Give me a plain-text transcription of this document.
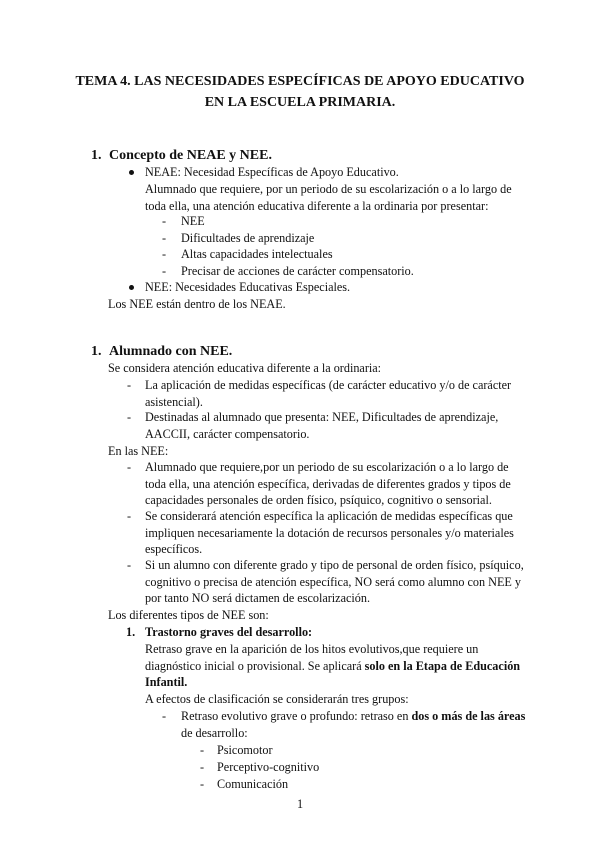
TEMA 4. LAS NECESIDADES ESPECÍFICAS DE APOYO EDUCATIVO
EN LA ESCUELA PRIMARIA.
1. Concepto de NEAE y NEE.
NEAE: Necesidad Específicas de Apoyo Educativo.
Alumnado que requiere, por un periodo de su escolarización o a lo largo de
toda ella, una atención educativa diferente a la ordinaria por presentar:
- NEE
- Dificultades de aprendizaje
- Altas capacidades intelectuales
- Precisar de acciones de carácter compensatorio.
NEE: Necesidades Educativas Especiales.
Los NEE están dentro de los NEAE.
1. Alumnado con NEE.
Se considera atención educativa diferente a la ordinaria:
- La aplicación de medidas específicas (de carácter educativo y/o de carácter
asistencial).
- Destinadas al alumnado que presenta: NEE, Dificultades de aprendizaje,
AACCII, carácter compensatorio.
En las NEE:
- Alumnado que requiere,por un periodo de su escolarización o a lo largo de
toda ella, una atención específica, derivadas de diferentes grados y tipos de
capacidades personales de orden físico, psíquico, cognitivo o sensorial.
- Se considerará atención específica la aplicación de medidas específicas que
impliquen necesariamente la dotación de recursos personales y/o materiales
específicos.
- Si un alumno con diferente grado y tipo de personal de orden físico, psíquico,
cognitivo o precisa de atención específica, NO será como alumno con NEE y
por tanto NO será dictamen de escolarización.
Los diferentes tipos de NEE son:
1. Trastorno graves del desarrollo:
Retraso grave en la aparición de los hitos evolutivos,que requiere un
diagnóstico inicial o provisional. Se aplicará solo en la Etapa de Educación
Infantil.
A efectos de clasificación se considerarán tres grupos:
- Retraso evolutivo grave o profundo: retraso en dos o más de las áreas
de desarrollo:
- Psicomotor
- Perceptivo-cognitivo
- Comunicación
1
